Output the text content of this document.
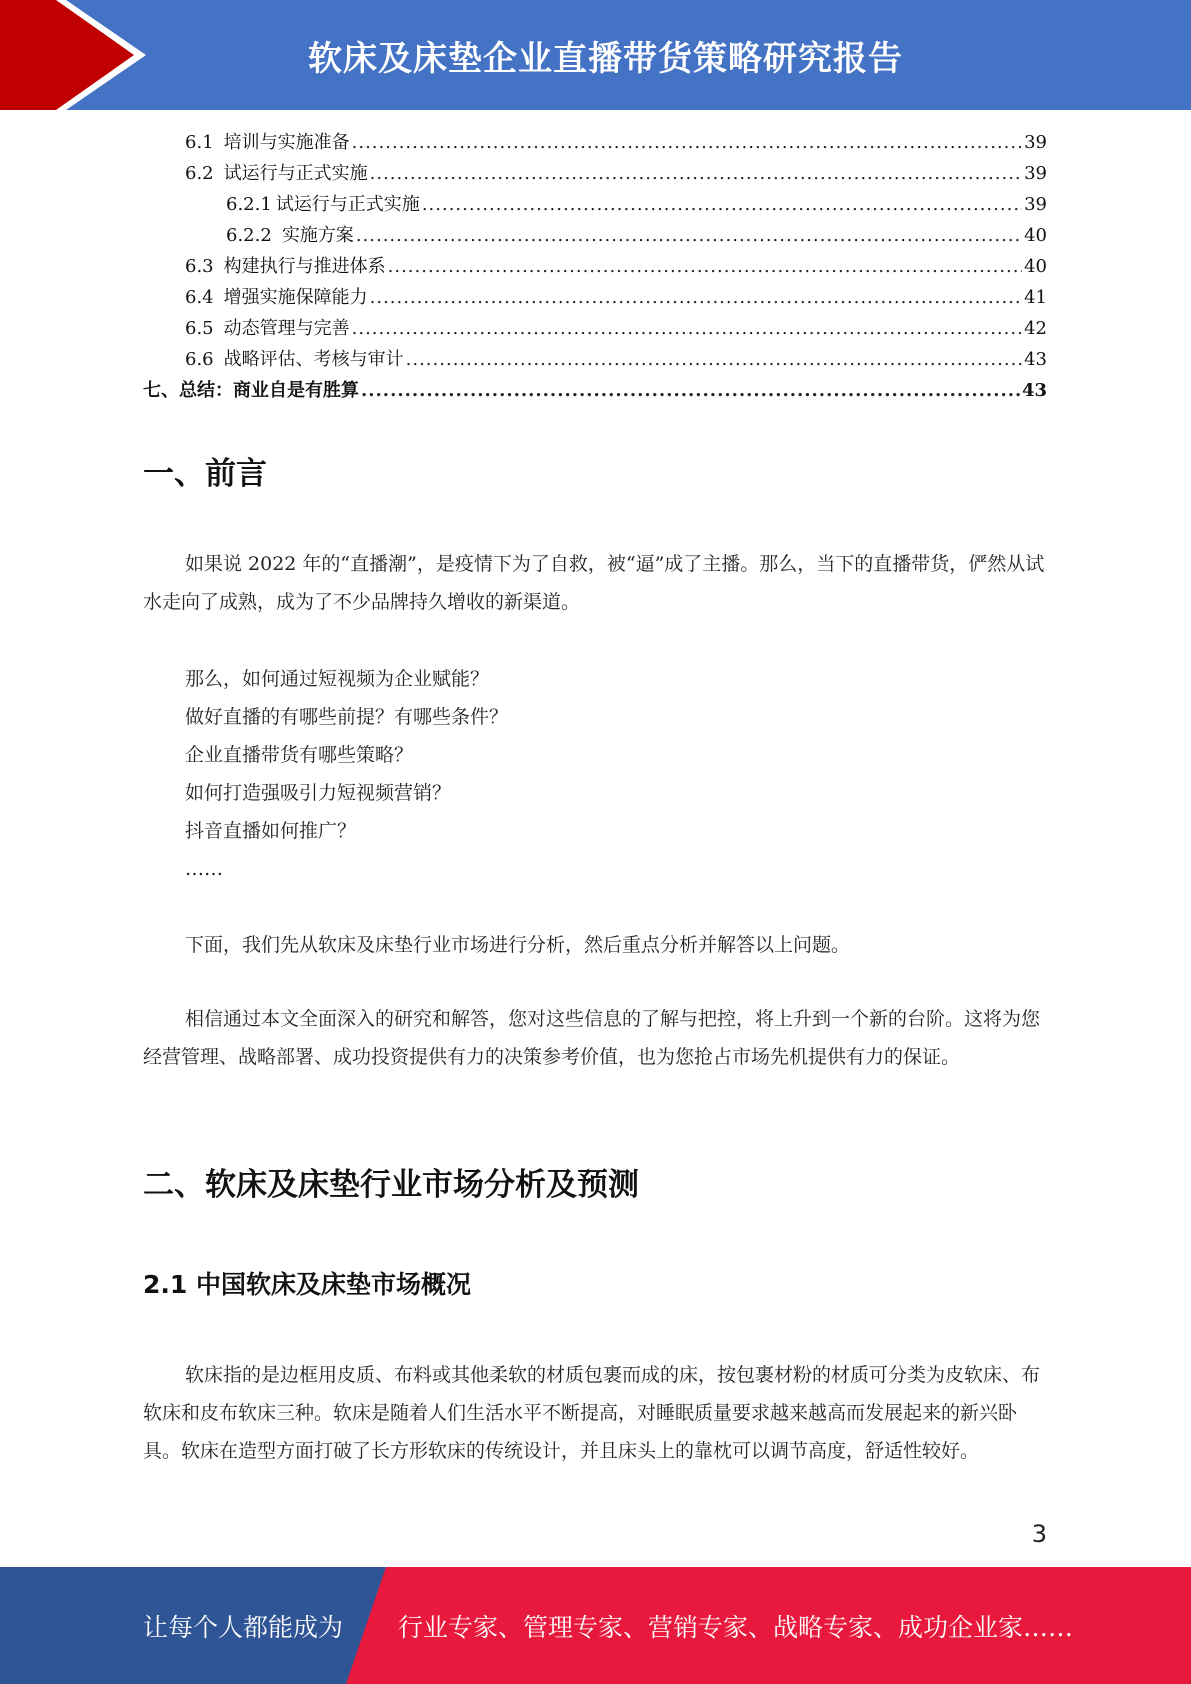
软床及床垫企业直播带货策略研究报告
6.1 培训与实施准备 .....	39
6.2 试运行与正式实施 .....	39
6.2.1 试运行与正式实施 .....	39
6.2.2 实施方案 .....	40
6.3 构建执行与推进体系 .....	40
6.4 增强实施保障能力 .....	41
6.5 动态管理与完善 .....	42
6.6 战略评估、考核与审计 .....	43
七、 总结：商业自是有胜算 .....	43
一、前言

如果说 2022 年的“直播潮”，是疫情下为了自救，被“逼”成了主播。那么，当下的直播带货，俨然从试水走向了成熟，成为了不少品牌持久增收的新渠道。

那么，如何通过短视频为企业赋能？
做好直播的有哪些前提？有哪些条件？
企业直播带货有哪些策略？
如何打造强吸引力短视频营销？
抖音直播如何推广？
……

下面，我们先从软床及床垫行业市场进行分析，然后重点分析并解答以上问题。

相信通过本文全面深入的研究和解答，您对这些信息的了解与把控，将上升到一个新的台阶。这将为您经营管理、战略部署、成功投资提供有力的决策参考价值，也为您抢占市场先机提供有力的保证。

二、软床及床垫行业市场分析及预测
2.1 中国软床及床垫市场概况

软床指的是边框用皮质、布料或其他柔软的材质包裹而成的床，按包裹材粉的材质可分类为皮软床、布软床和皮布软床三种。软床是随着人们生活水平不断提高，对睡眠质量要求越来越高而发展起来的新兴卧具。软床在造型方面打破了长方形软床的传统设计，并且床头上的靠枕可以调节高度，舒适性较好。

3
让每个人都能成为 行业专家、管理专家、营销专家、战略专家、成功企业家……
